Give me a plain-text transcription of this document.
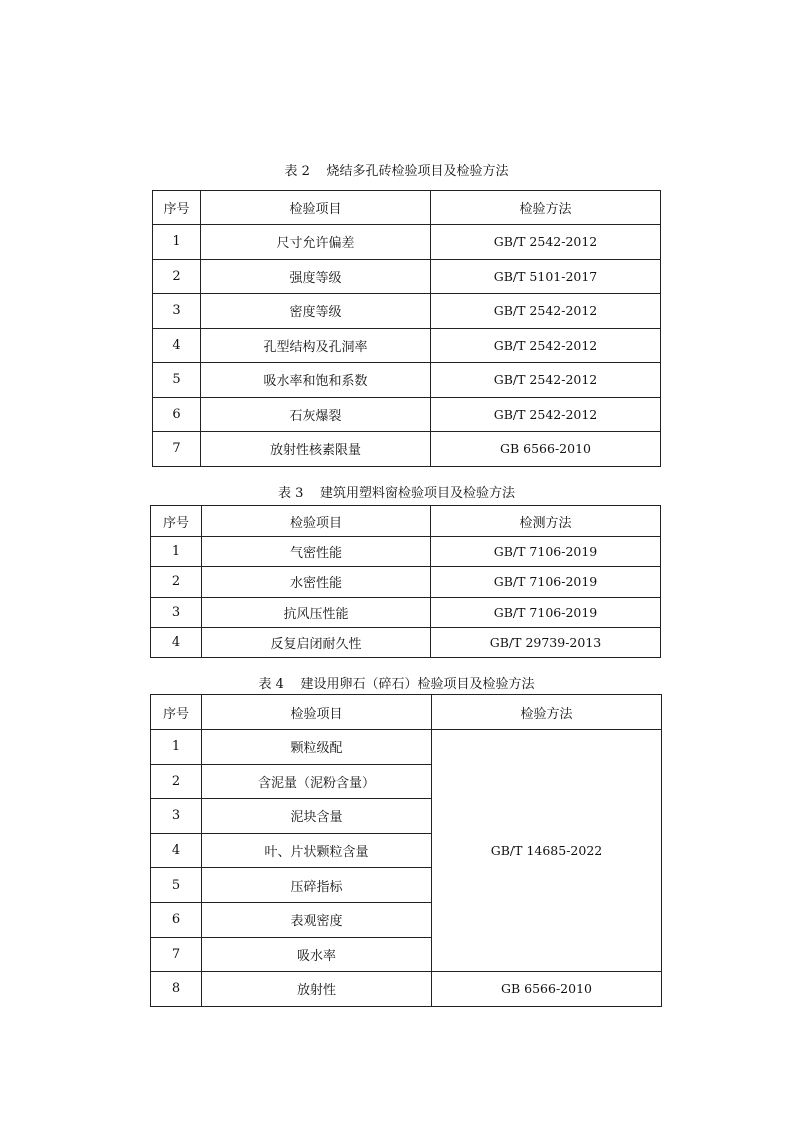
表 2    烧结多孔砖检验项目及检验方法
序号	检验项目	检验方法
1	尺寸允许偏差	GB/T 2542-2012
2	强度等级	GB/T 5101-2017
3	密度等级	GB/T 2542-2012
4	孔型结构及孔洞率	GB/T 2542-2012
5	吸水率和饱和系数	GB/T 2542-2012
6	石灰爆裂	GB/T 2542-2012
7	放射性核素限量	GB 6566-2010
表 3    建筑用塑料窗检验项目及检验方法
序号	检验项目	检测方法
1	气密性能	GB/T 7106-2019
2	水密性能	GB/T 7106-2019
3	抗风压性能	GB/T 7106-2019
4	反复启闭耐久性	GB/T 29739-2013
表 4    建设用卵石（碎石）检验项目及检验方法
序号	检验项目	检验方法
1	颗粒级配	GB/T 14685-2022
2	含泥量（泥粉含量）	
3	泥块含量	
4	叶、片状颗粒含量	
5	压碎指标	
6	表观密度	
7	吸水率	
8	放射性	GB 6566-2010
